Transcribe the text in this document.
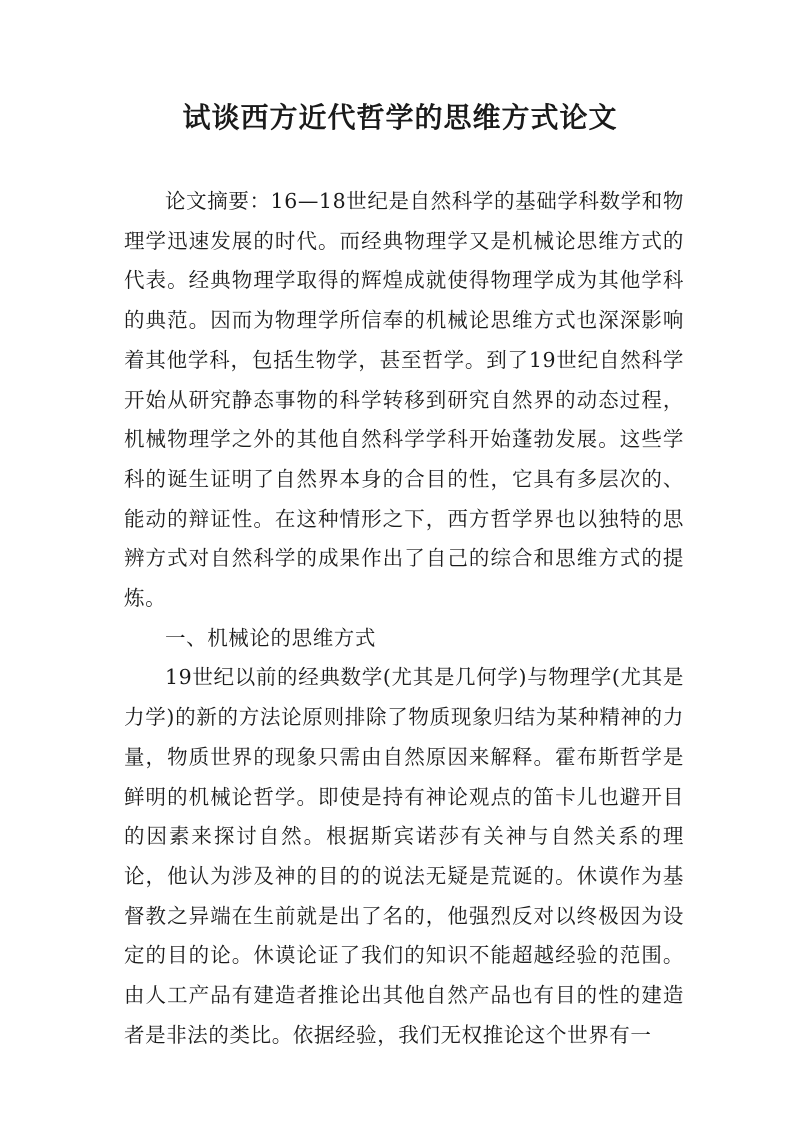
试谈西方近代哲学的思维方式论文

论文摘要：16—18世纪是自然科学的基础学科数学和物理学迅速发展的时代。而经典物理学又是机械论思维方式的代表。经典物理学取得的辉煌成就使得物理学成为其他学科的典范。因而为物理学所信奉的机械论思维方式也深深影响着其他学科，包括生物学，甚至哲学。到了19世纪自然科学开始从研究静态事物的科学转移到研究自然界的动态过程，机械物理学之外的其他自然科学学科开始蓬勃发展。这些学科的诞生证明了自然界本身的合目的性，它具有多层次的、能动的辩证性。在这种情形之下，西方哲学界也以独特的思辨方式对自然科学的成果作出了自己的综合和思维方式的提炼。

一、机械论的思维方式

19世纪以前的经典数学(尤其是几何学)与物理学(尤其是力学)的新的方法论原则排除了物质现象归结为某种精神的力量，物质世界的现象只需由自然原因来解释。霍布斯哲学是鲜明的机械论哲学。即使是持有神论观点的笛卡儿也避开目的因素来探讨自然。根据斯宾诺莎有关神与自然关系的理论，他认为涉及神的目的的说法无疑是荒诞的。休谟作为基督教之异端在生前就是出了名的，他强烈反对以终极因为设定的目的论。休谟论证了我们的知识不能超越经验的范围。由人工产品有建造者推论出其他自然产品也有目的性的建造者是非法的类比。依据经验，我们无权推论这个世界有一
